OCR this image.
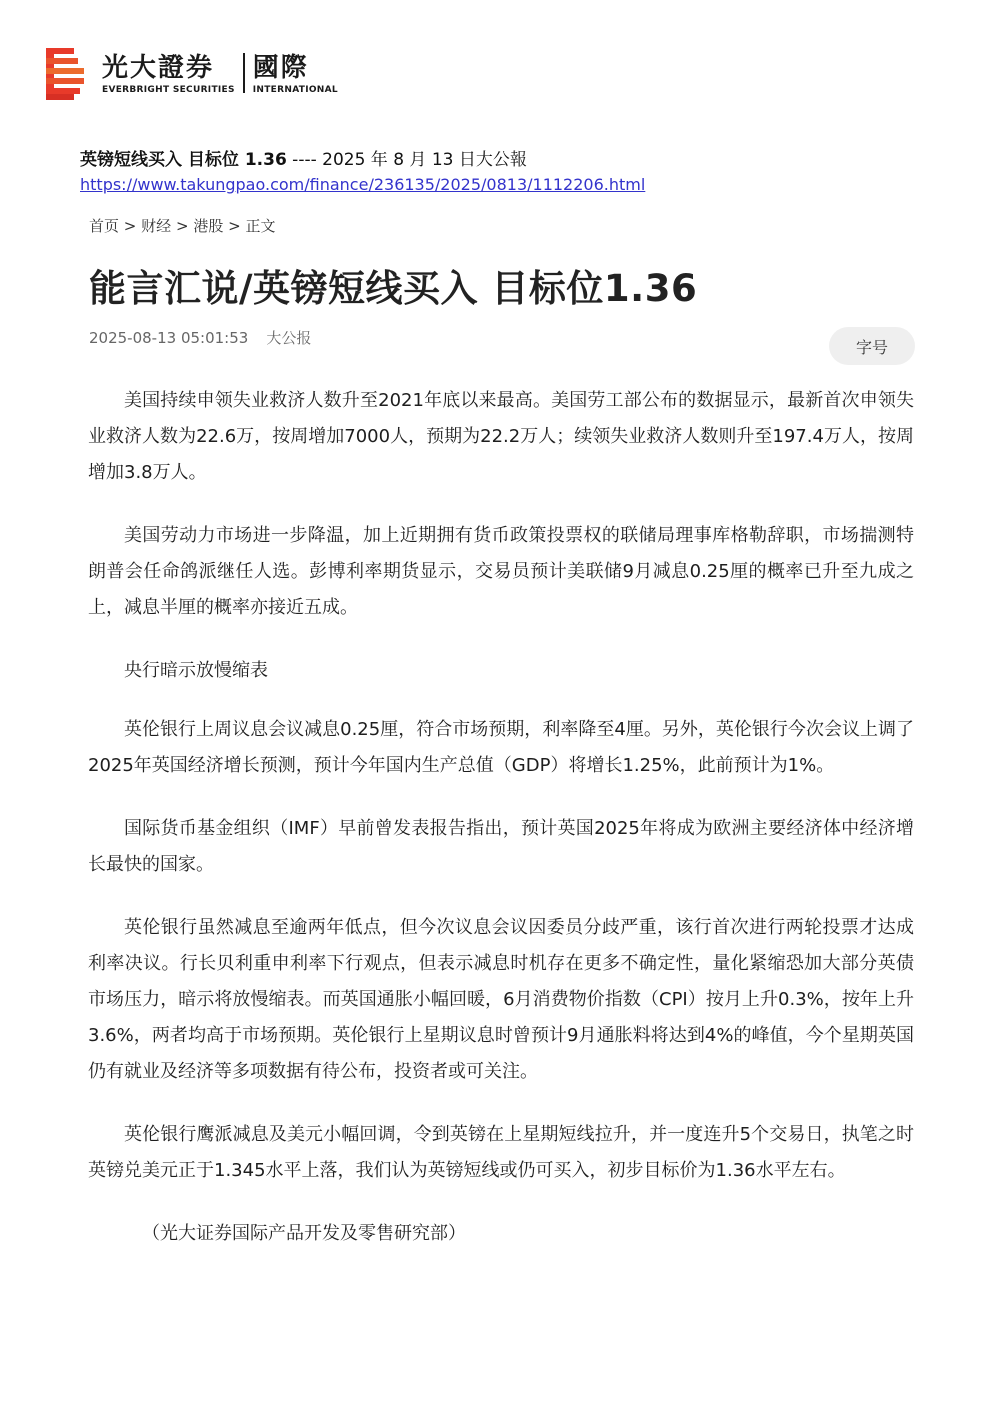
光大證券
EVERBRIGHT SECURITIES
國際
INTERNATIONAL
英镑短线买入 目标位 1.36 ---- 2025 年 8 月 13 日大公報
https://www.takungpao.com/finance/236135/2025/0813/1112206.html
首页 > 财经 > 港股 > 正文
能言汇说/英镑短线买入 目标位1.36
2025-08-13 05:01:53 大公报	字号

美国持续申领失业救济人数升至2021年底以来最高。美国劳工部公布的数据显示，最新首次申领失业救济人数为22.6万，按周增加7000人，预期为22.2万人；续领失业救济人数则升至197.4万人，按周增加3.8万人。

美国劳动力市场进一步降温，加上近期拥有货币政策投票权的联储局理事库格勒辞职，市场揣测特朗普会任命鸽派继任人选。彭博利率期货显示，交易员预计美联储9月减息0.25厘的概率已升至九成之上，减息半厘的概率亦接近五成。

央行暗示放慢缩表

英伦银行上周议息会议减息0.25厘，符合市场预期，利率降至4厘。另外，英伦银行今次会议上调了2025年英国经济增长预测，预计今年国内生产总值（GDP）将增长1.25%，此前预计为1%。

国际货币基金组织（IMF）早前曾发表报告指出，预计英国2025年将成为欧洲主要经济体中经济增长最快的国家。

英伦银行虽然减息至逾两年低点，但今次议息会议因委员分歧严重，该行首次进行两轮投票才达成利率决议。行长贝利重申利率下行观点，但表示减息时机存在更多不确定性，量化紧缩恐加大部分英债市场压力，暗示将放慢缩表。而英国通胀小幅回暖，6月消费物价指数（CPI）按月上升0.3%，按年上升3.6%，两者均高于市场预期。英伦银行上星期议息时曾预计9月通胀料将达到4%的峰值，今个星期英国仍有就业及经济等多项数据有待公布，投资者或可关注。

英伦银行鹰派减息及美元小幅回调，令到英镑在上星期短线拉升，并一度连升5个交易日，执笔之时英镑兑美元正于1.345水平上落，我们认为英镑短线或仍可买入，初步目标价为1.36水平左右。

（光大证券国际产品开发及零售研究部）
